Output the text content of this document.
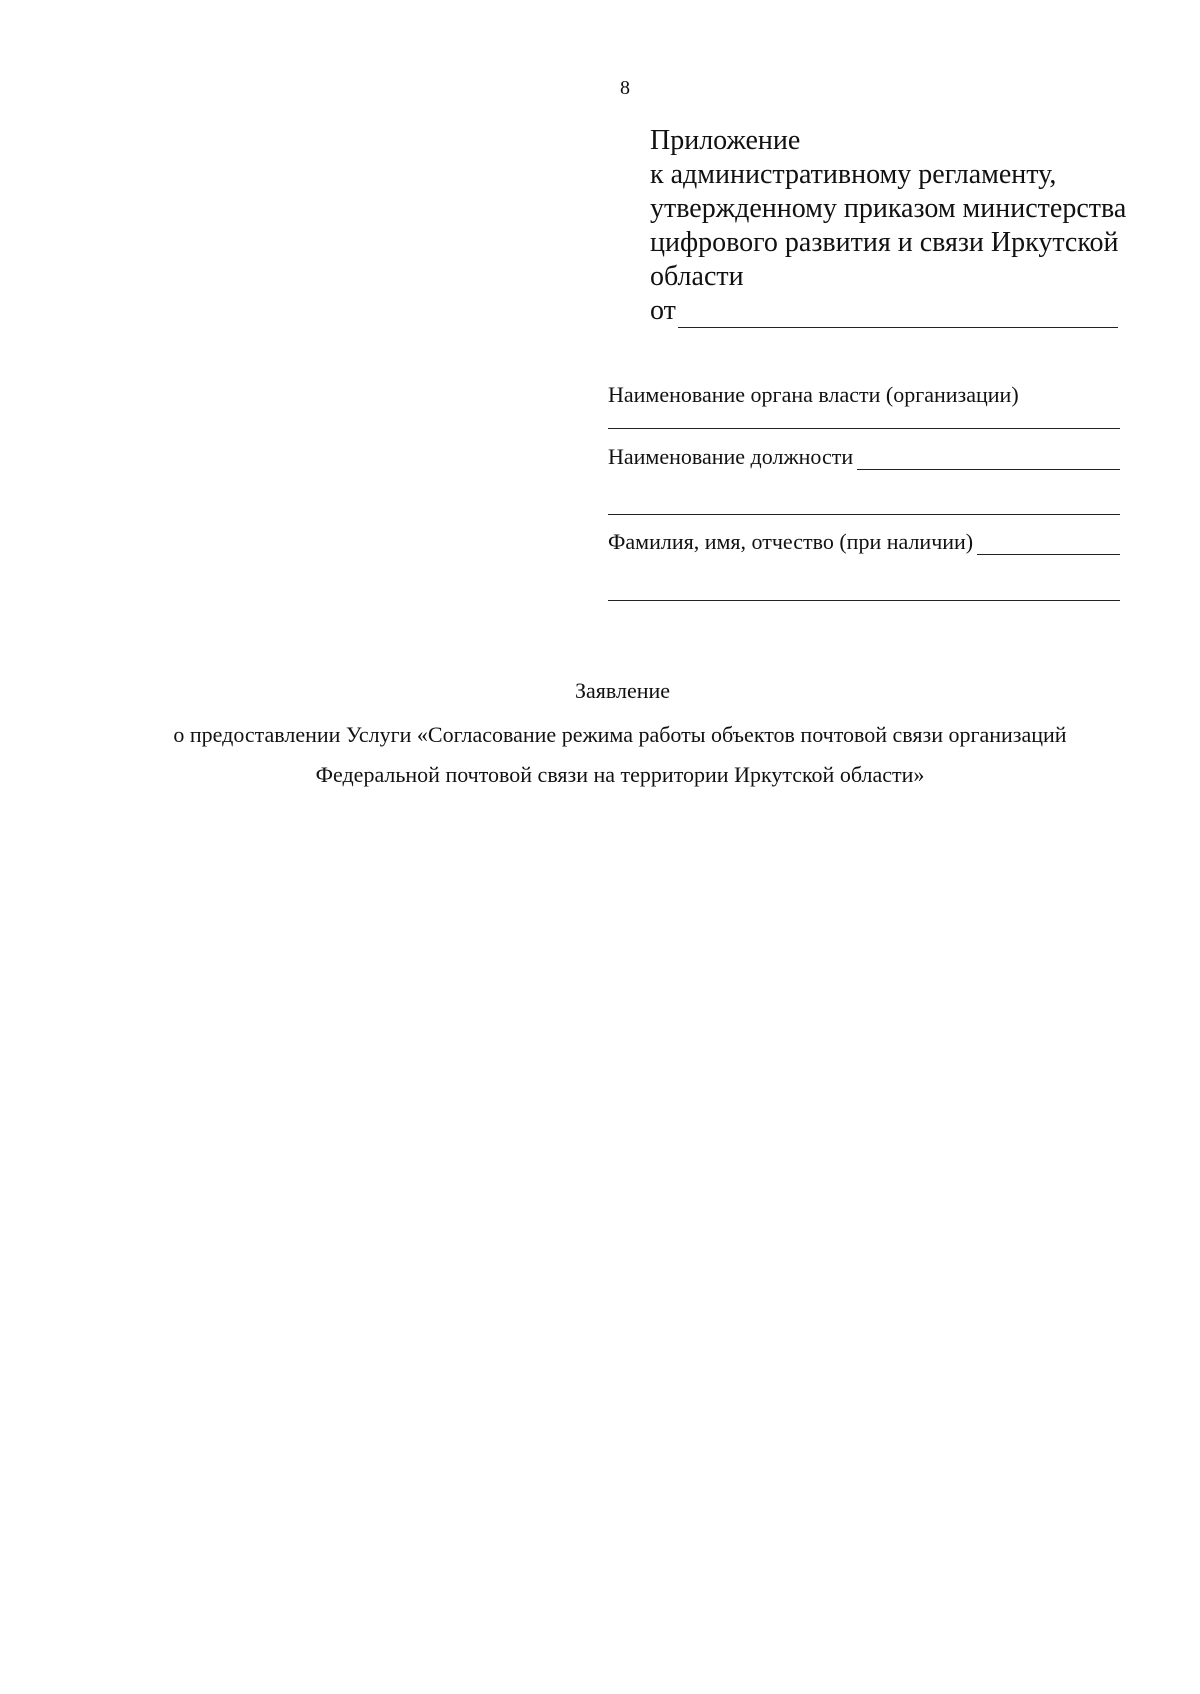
8
Приложение
к административному регламенту,
утвержденному приказом министерства
цифрового развития и связи Иркутской
области
от
Наименование органа власти (организации)
Наименование должности
Фамилия, имя, отчество (при наличии)
Заявление
о предоставлении Услуги «Согласование режима работы объектов почтовой связи организаций
Федеральной почтовой связи на территории Иркутской области»
